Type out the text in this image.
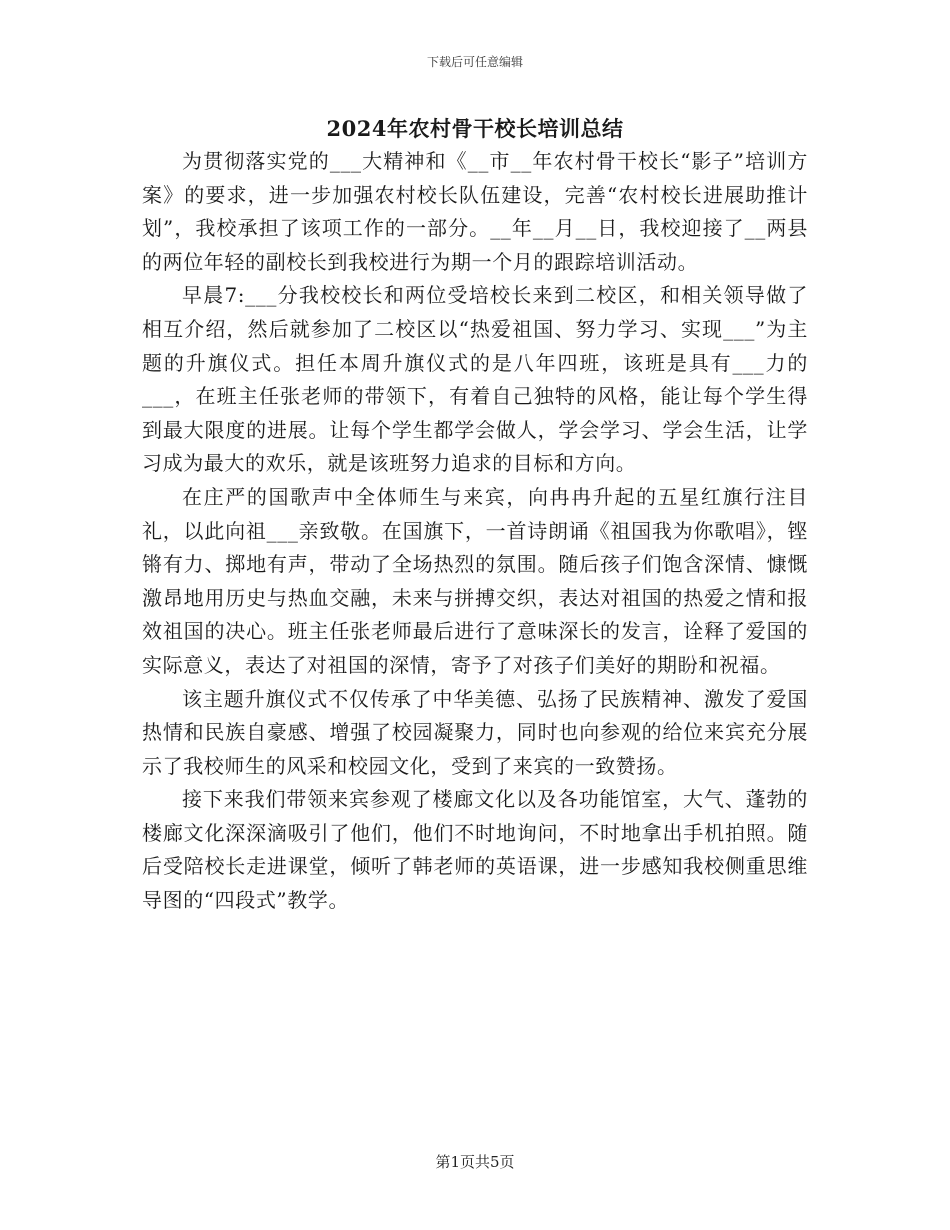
下载后可任意编辑
2024年农村骨干校长培训总结

为贯彻落实党的___大精神和《__市__年农村骨干校长“影子”培训方案》的要求，进一步加强农村校长队伍建设，完善“农村校长进展助推计划”，我校承担了该项工作的一部分。__年__月__日，我校迎接了__两县的两位年轻的副校长到我校进行为期一个月的跟踪培训活动。

早晨7:___分我校校长和两位受培校长来到二校区，和相关领导做了相互介绍，然后就参加了二校区以“热爱祖国、努力学习、实现___”为主题的升旗仪式。担任本周升旗仪式的是八年四班，该班是具有___力的___，在班主任张老师的带领下，有着自己独特的风格，能让每个学生得到最大限度的进展。让每个学生都学会做人，学会学习、学会生活，让学习成为最大的欢乐，就是该班努力追求的目标和方向。

在庄严的国歌声中全体师生与来宾，向冉冉升起的五星红旗行注目礼，以此向祖___亲致敬。在国旗下，一首诗朗诵《祖国我为你歌唱》，铿锵有力、掷地有声，带动了全场热烈的氛围。随后孩子们饱含深情、慷慨激昂地用历史与热血交融，未来与拼搏交织，表达对祖国的热爱之情和报效祖国的决心。班主任张老师最后进行了意味深长的发言，诠释了爱国的实际意义，表达了对祖国的深情，寄予了对孩子们美好的期盼和祝福。

该主题升旗仪式不仅传承了中华美德、弘扬了民族精神、激发了爱国热情和民族自豪感、增强了校园凝聚力，同时也向参观的给位来宾充分展示了我校师生的风采和校园文化，受到了来宾的一致赞扬。

接下来我们带领来宾参观了楼廊文化以及各功能馆室，大气、蓬勃的楼廊文化深深滴吸引了他们，他们不时地询问，不时地拿出手机拍照。随后受陪校长走进课堂，倾听了韩老师的英语课，进一步感知我校侧重思维导图的“四段式”教学。

第1页共5页
